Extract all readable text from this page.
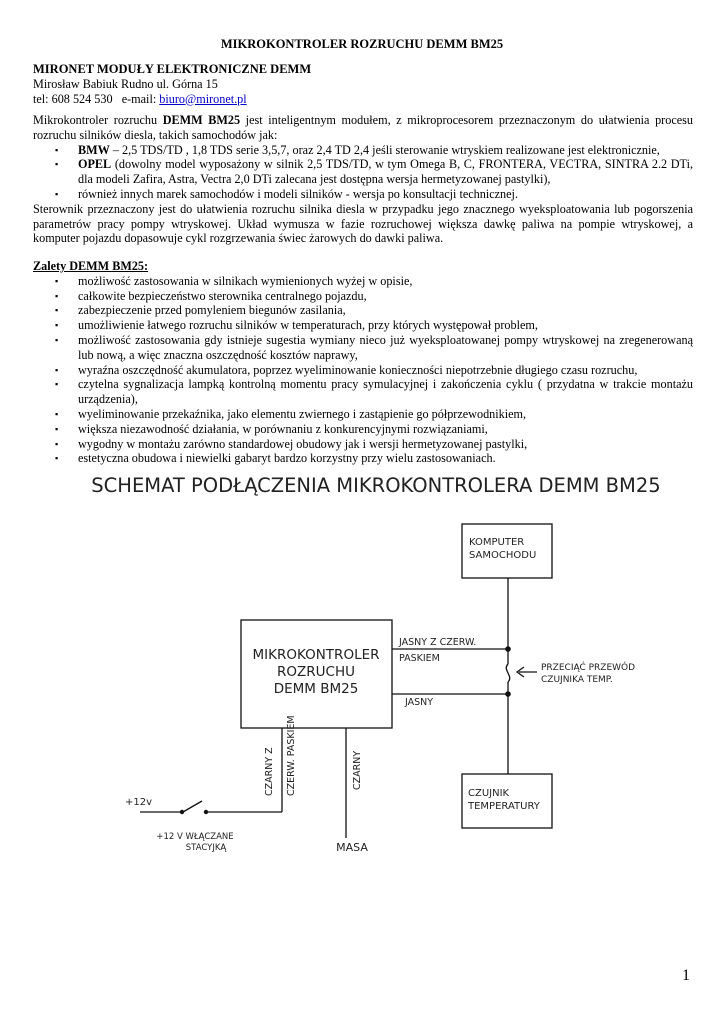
MIKROKONTROLER ROZRUCHU DEMM BM25
MIRONET MODUŁY ELEKTRONICZNE DEMM
Mirosław Babiuk Rudno ul. Górna 15
tel: 608 524 530 e-mail: biuro@mironet.pl
Mikrokontroler rozruchu DEMM BM25 jest inteligentnym modułem, z mikroprocesorem przeznaczonym do ułatwienia procesu rozruchu silników diesla, takich samochodów jak:
▪ BMW – 2,5 TDS/TD , 1,8 TDS serie 3,5,7, oraz 2,4 TD 2,4 jeśli sterowanie wtryskiem realizowane jest elektronicznie,
▪ OPEL (dowolny model wyposażony w silnik 2,5 TDS/TD, w tym Omega B, C, FRONTERA, VECTRA, SINTRA 2.2 DTi, dla modeli Zafira, Astra, Vectra 2,0 DTi zalecana jest dostępna wersja hermetyzowanej pastylki),
▪ również innych marek samochodów i modeli silników - wersja po konsultacji technicznej.
Sterownik przeznaczony jest do ułatwienia rozruchu silnika diesla w przypadku jego znacznego wyeksploatowania lub pogorszenia parametrów pracy pompy wtryskowej. Układ wymusza w fazie rozruchowej większa dawkę paliwa na pompie wtryskowej, a komputer pojazdu dopasowuje cykl rozgrzewania świec żarowych do dawki paliwa.
Zalety DEMM BM25:
▪ możliwość zastosowania w silnikach wymienionych wyżej w opisie,
▪ całkowite bezpieczeństwo sterownika centralnego pojazdu,
▪ zabezpieczenie przed pomyleniem biegunów zasilania,
▪ umożliwienie łatwego rozruchu silników w temperaturach, przy których występował problem,
▪ możliwość zastosowania gdy istnieje sugestia wymiany nieco już wyeksploatowanej pompy wtryskowej na zregenerowaną lub nową, a więc znaczna oszczędność kosztów naprawy,
▪ wyraźna oszczędność akumulatora, poprzez wyeliminowanie konieczności niepotrzebnie długiego czasu rozruchu,
▪ czytelna sygnalizacja lampką kontrolną momentu pracy symulacyjnej i zakończenia cyklu ( przydatna w trakcie montażu urządzenia),
▪ wyeliminowanie przekaźnika, jako elementu zwiernego i zastąpienie go półprzewodnikiem,
▪ większa niezawodność działania, w porównaniu z konkurencyjnymi rozwiązaniami,
▪ wygodny w montażu zarówno standardowej obudowy jak i wersji hermetyzowanej pastylki,
▪ estetyczna obudowa i niewielki gabaryt bardzo korzystny przy wielu zastosowaniach.
SCHEMAT PODŁĄCZENIA MIKROKONTROLERA DEMM BM25
MIKROKONTROLER
ROZRUCHU
DEMM BM25
KOMPUTER
SAMOCHODU
CZUJNIK
TEMPERATURY
JASNY Z CZERW.
PASKIEM
JASNY
PRZECIĄĆ PRZEWÓD
CZUJNIKA TEMP.
CZARNY Z CZERW. PASKIEM	CZARNY
+12v
+12 V WŁĄCZANE
STACYJKĄ	MASA
1
